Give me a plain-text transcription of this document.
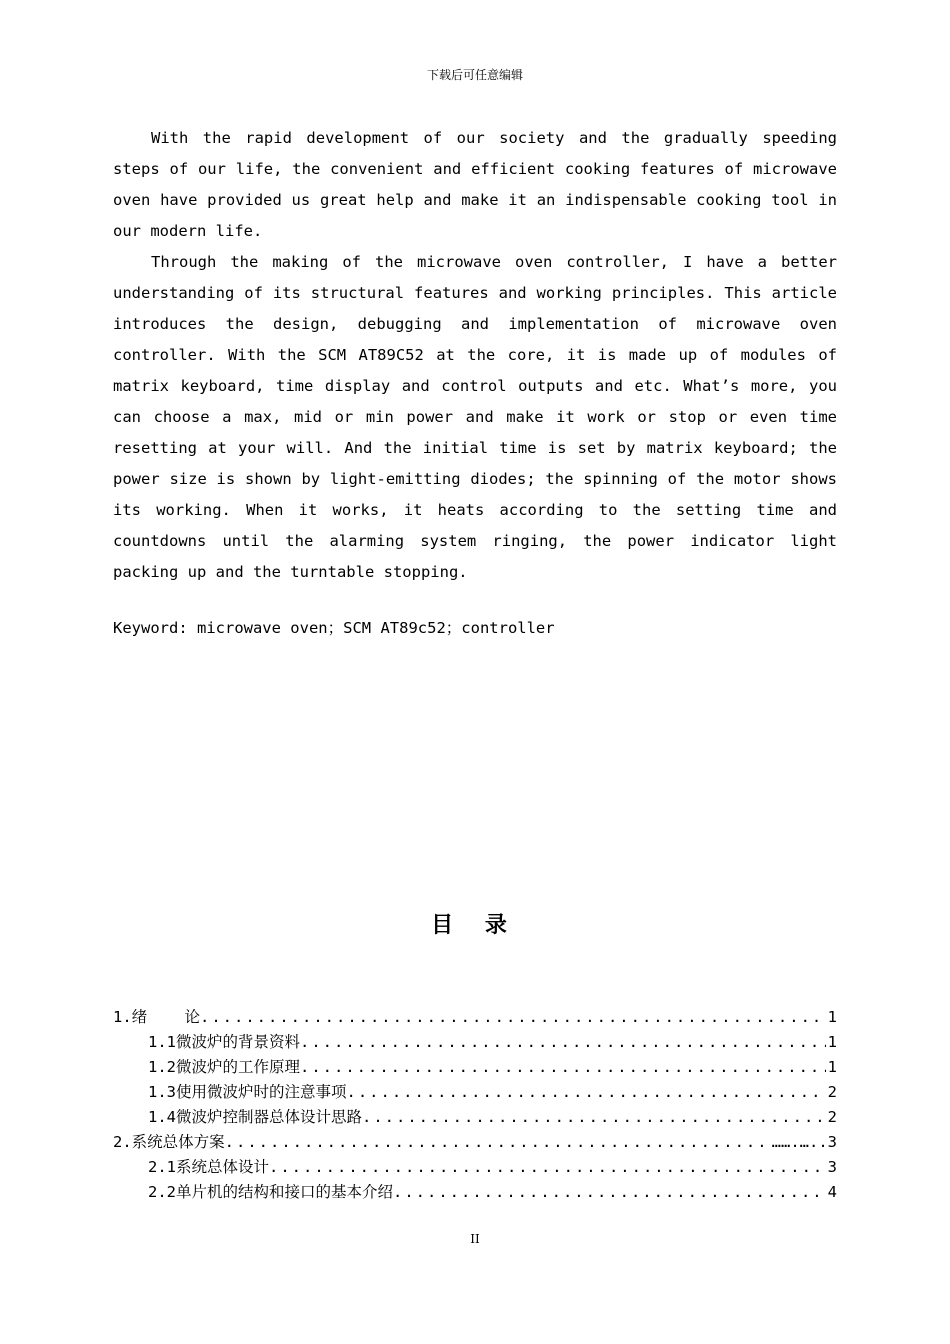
下载后可任意编辑

With the rapid development of our society and the gradually speeding steps of our life, the convenient and efficient cooking features of microwave oven have provided us great help and make it an indispensable cooking tool in our modern life.

Through the making of the microwave oven controller, I have a better understanding of its structural features and working principles. This article introduces the design, debugging and implementation of microwave oven controller. With the SCM AT89C52 at the core, it is made up of modules of matrix keyboard, time display and control outputs and etc. What’s more, you can choose a max, mid or min power and make it work or stop or even time resetting at your will. And the initial time is set by matrix keyboard; the power size is shown by light-emitting diodes; the spinning of the motor shows its working. When it works, it heats according to the setting time and countdowns until the alarming system ringing, the power indicator light packing up and the turntable stopping.

Keyword: microwave oven；SCM AT89c52；controller
目 录
1.绪    论 .....	1
1.1微波炉的背景资料 .....	1
1.2微波炉的工作原理 .....	1
1.3使用微波炉时的注意事项 .....	2
1.4微波炉控制器总体设计思路 .....	2
2.系统总体方案 .....	…….…..3
2.1系统总体设计 .....	3
2.2单片机的结构和接口的基本介绍 .....	4
II
